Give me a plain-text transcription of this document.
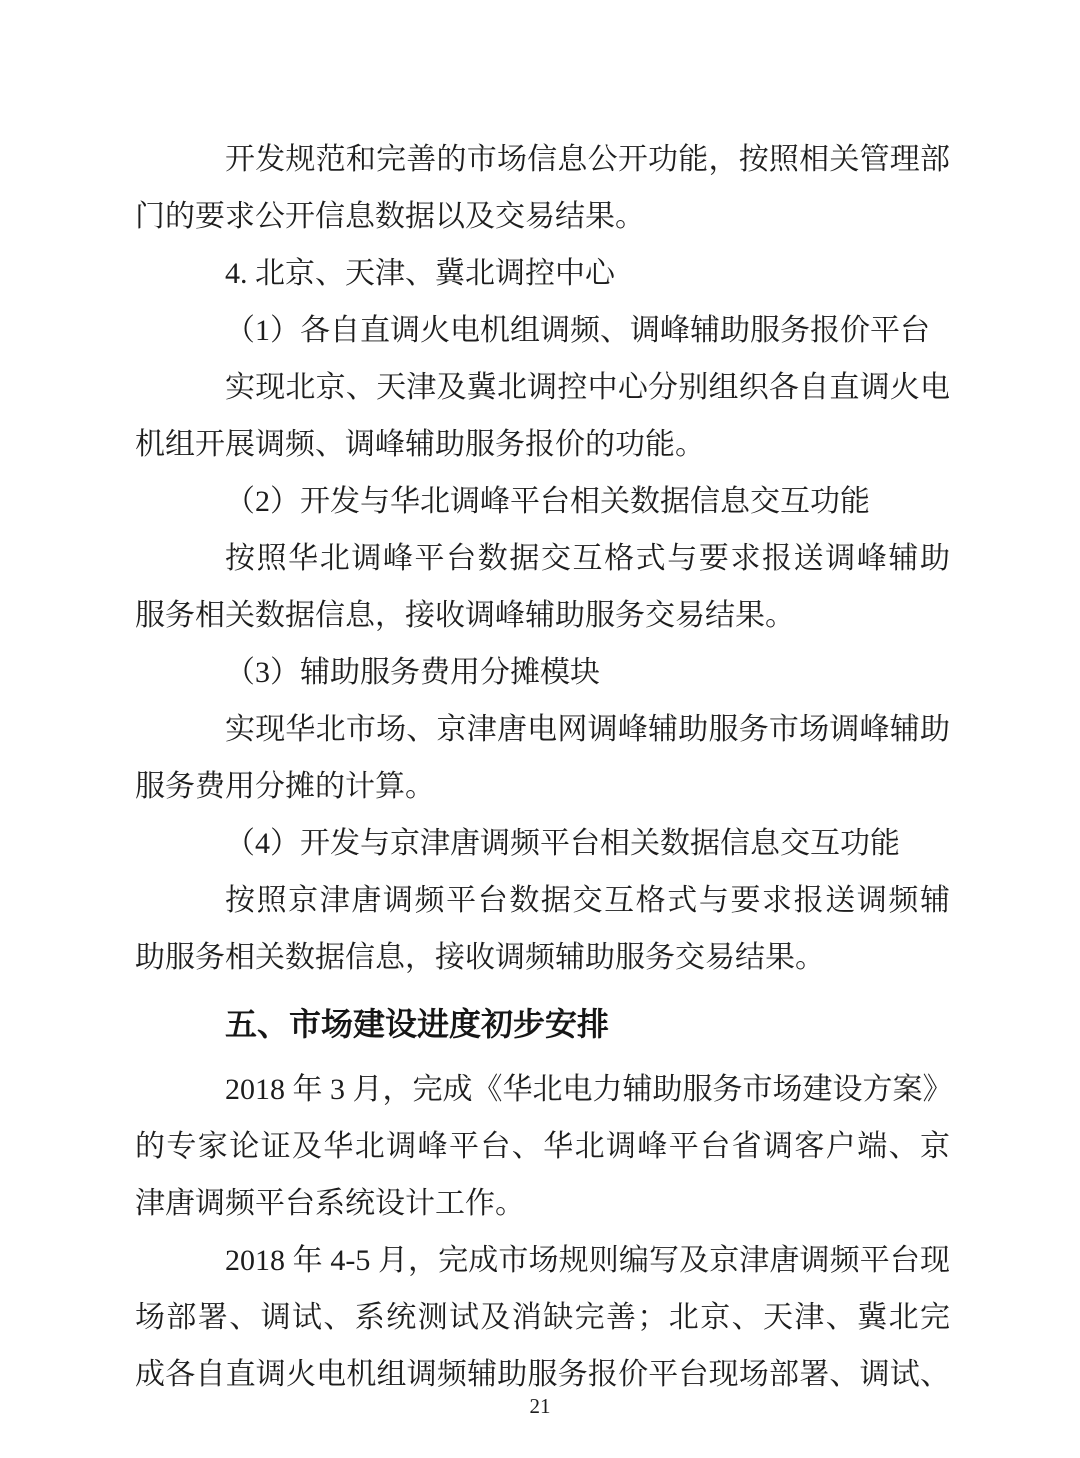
开发规范和完善的市场信息公开功能，按照相关管理部

门的要求公开信息数据以及交易结果。

4. 北京、天津、冀北调控中心

（1）各自直调火电机组调频、调峰辅助服务报价平台

实现北京、天津及冀北调控中心分别组织各自直调火电

机组开展调频、调峰辅助服务报价的功能。

（2）开发与华北调峰平台相关数据信息交互功能

按照华北调峰平台数据交互格式与要求报送调峰辅助

服务相关数据信息，接收调峰辅助服务交易结果。

（3）辅助服务费用分摊模块

实现华北市场、京津唐电网调峰辅助服务市场调峰辅助

服务费用分摊的计算。

（4）开发与京津唐调频平台相关数据信息交互功能

按照京津唐调频平台数据交互格式与要求报送调频辅

助服务相关数据信息，接收调频辅助服务交易结果。

五、市场建设进度初步安排

2018 年 3 月，完成《华北电力辅助服务市场建设方案》

的专家论证及华北调峰平台、华北调峰平台省调客户端、京

津唐调频平台系统设计工作。

2018 年 4-5 月，完成市场规则编写及京津唐调频平台现

场部署、调试、系统测试及消缺完善；北京、天津、冀北完

成各自直调火电机组调频辅助服务报价平台现场部署、调试、

21
